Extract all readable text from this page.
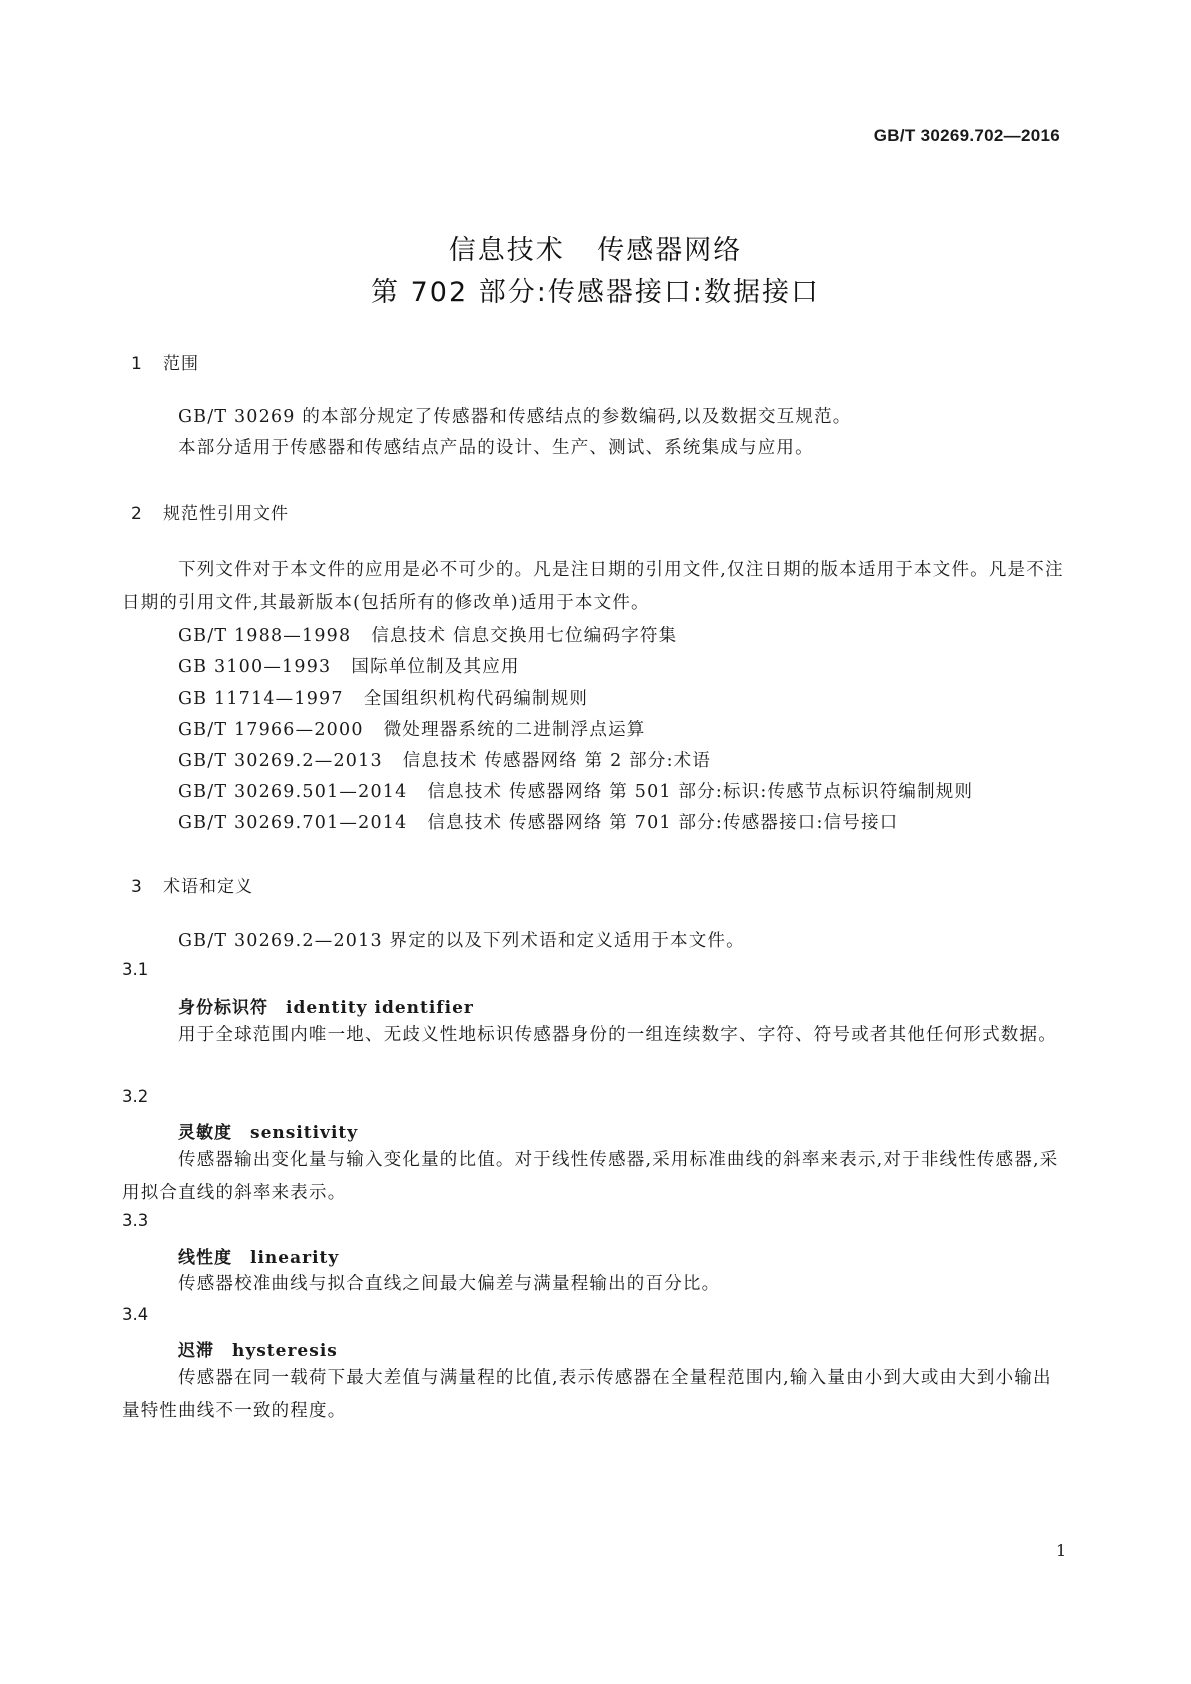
GB/T 30269.702—2016
信息技术 传感器网络
第 702 部分:传感器接口:数据接口
1 范围
GB/T 30269 的本部分规定了传感器和传感结点的参数编码,以及数据交互规范。
本部分适用于传感器和传感结点产品的设计、生产、测试、系统集成与应用。
2 规范性引用文件
下列文件对于本文件的应用是必不可少的。凡是注日期的引用文件,仅注日期的版本适用于本文件。凡是不注日期的引用文件,其最新版本(包括所有的修改单)适用于本文件。
GB/T 1988—1998 信息技术 信息交换用七位编码字符集
GB 3100—1993 国际单位制及其应用
GB 11714—1997 全国组织机构代码编制规则
GB/T 17966—2000 微处理器系统的二进制浮点运算
GB/T 30269.2—2013 信息技术 传感器网络 第 2 部分:术语
GB/T 30269.501—2014 信息技术 传感器网络 第 501 部分:标识:传感节点标识符编制规则
GB/T 30269.701—2014 信息技术 传感器网络 第 701 部分:传感器接口:信号接口
3 术语和定义
GB/T 30269.2—2013 界定的以及下列术语和定义适用于本文件。
3.1
身份标识符 identity identifier
用于全球范围内唯一地、无歧义性地标识传感器身份的一组连续数字、字符、符号或者其他任何形式数据。
3.2
灵敏度 sensitivity
传感器输出变化量与输入变化量的比值。对于线性传感器,采用标准曲线的斜率来表示,对于非线性传感器,采用拟合直线的斜率来表示。
3.3
线性度 linearity
传感器校准曲线与拟合直线之间最大偏差与满量程输出的百分比。
3.4
迟滞 hysteresis
传感器在同一载荷下最大差值与满量程的比值,表示传感器在全量程范围内,输入量由小到大或由大到小输出量特性曲线不一致的程度。
1
